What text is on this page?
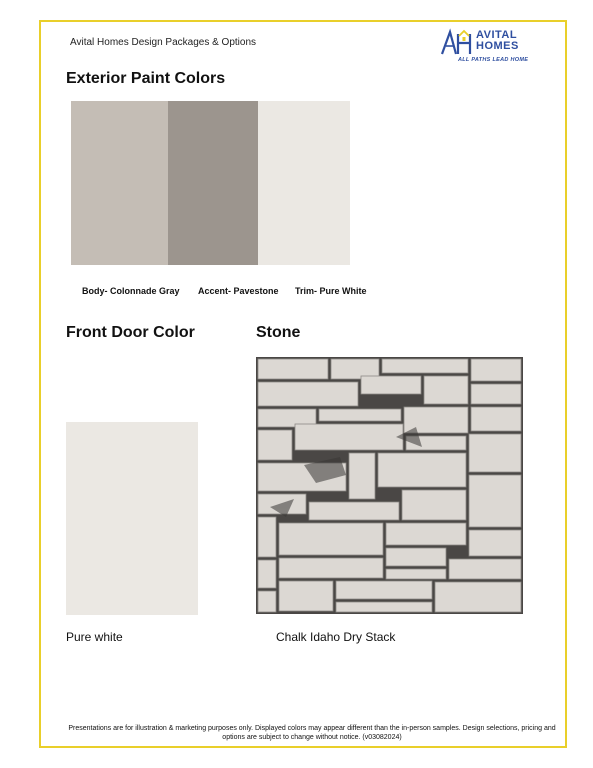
Avital Homes Design Packages & Options
AVITAL
HOMES
ALL PATHS LEAD HOME
Exterior Paint Colors
Body- Colonnade Gray Accent- Pavestone Trim- Pure White
Front Door Color	Stone
Pure white	Chalk Idaho Dry Stack
Presentations are for illustration & marketing purposes only. Displayed colors may appear different than the in-person samples. Design selections, pricing and
options are subject to change without notice. (v03082024)
